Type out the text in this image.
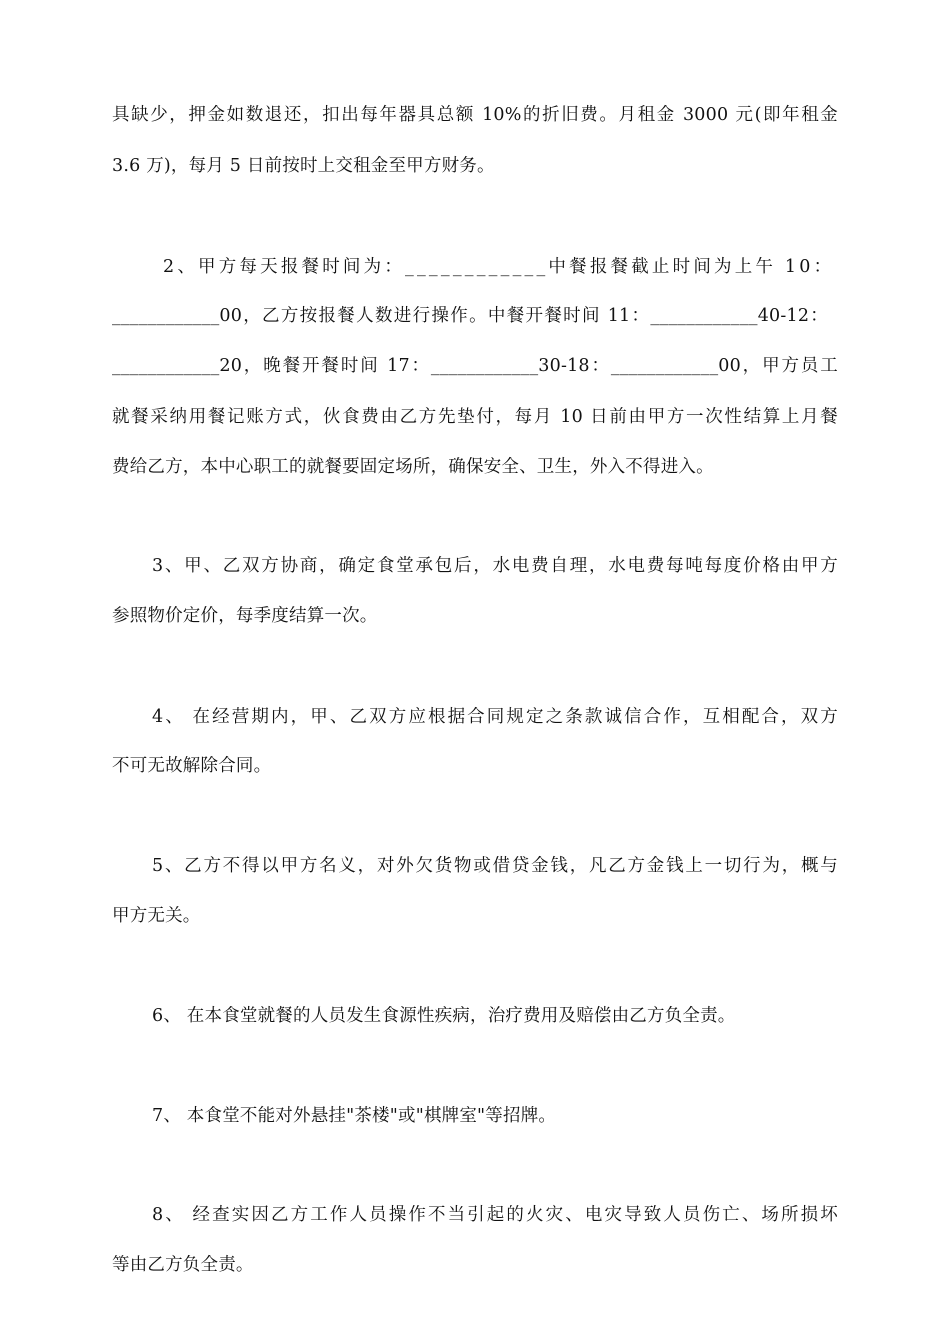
具缺少，押金如数退还，扣出每年器具总额 10%的折旧费。月租金 3000 元(即年租金
3.6 万)，每月 5 日前按时上交租金至甲方财务。
2、甲方每天报餐时间为：____________中餐报餐截止时间为上午 10：
____________00，乙方按报餐人数进行操作。中餐开餐时间 11：____________40-12：
____________20，晚餐开餐时间 17：____________30-18：____________00，甲方员工
就餐采纳用餐记账方式，伙食费由乙方先垫付，每月 10 日前由甲方一次性结算上月餐
费给乙方，本中心职工的就餐要固定场所，确保安全、卫生，外入不得进入。
3、甲、乙双方协商，确定食堂承包后，水电费自理，水电费每吨每度价格由甲方
参照物价定价，每季度结算一次。
4、 在经营期内，甲、乙双方应根据合同规定之条款诚信合作，互相配合，双方
不可无故解除合同。
5、乙方不得以甲方名义，对外欠货物或借贷金钱，凡乙方金钱上一切行为，概与
甲方无关。
6、 在本食堂就餐的人员发生食源性疾病，治疗费用及赔偿由乙方负全责。
7、 本食堂不能对外悬挂"茶楼"或"棋牌室"等招牌。
8、 经查实因乙方工作人员操作不当引起的火灾、电灾导致人员伤亡、场所损坏
等由乙方负全责。
